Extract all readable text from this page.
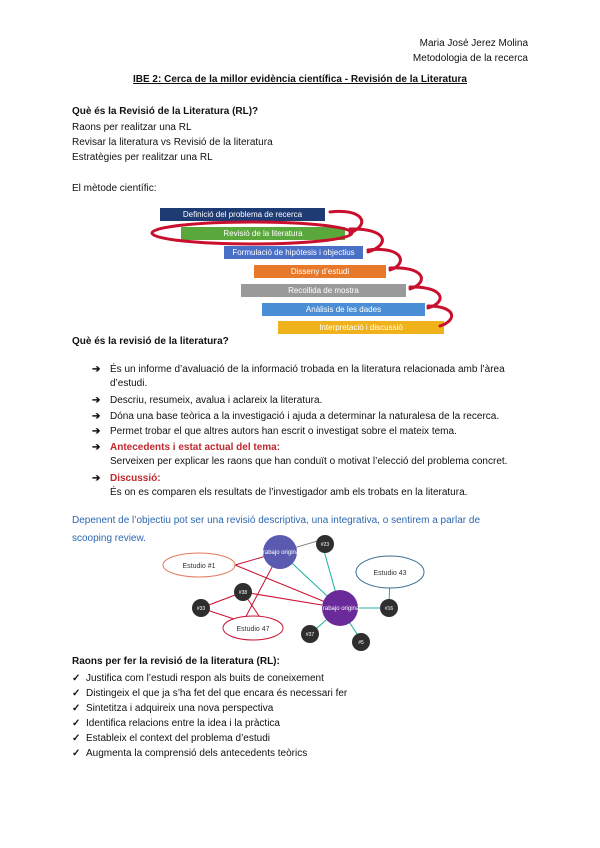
Maria José Jerez Molina
Metodologia de la recerca
IBE 2: Cerca de la millor evidència científica - Revisión de la Literatura
Què és la Revisió de la Literatura (RL)?
Raons per realitzar una RL
Revisar la literatura vs Revisió de la literatura
Estratègies per realitzar una RL
El mètode científic:
Definició del problema de recerca
Revisió de la literatura
Formulació de hipòtesis i objectius
Disseny d’estudi
Recollida de mostra
Anàlisis de les dades
Interpretació i discussió
Què és la revisió de la literatura?
➔ És un informe d’avaluació de la informació trobada en la literatura relacionada amb l’àrea
d’estudi.
➔ Descriu, resumeix, avalua i aclareix la literatura.
➔ Dóna una base teòrica a la investigació i ajuda a determinar la naturalesa de la recerca.
➔ Permet trobar el que altres autors han escrit o investigat sobre el mateix tema.
➔ Antecedents i estat actual del tema:
Serveixen per explicar les raons que han conduït o motivat l’elecció del problema concret.
➔ Discussió:
És on es comparen els resultats de l’investigador amb els trobats en la literatura.
Depenent de l’objectiu pot ser una revisió descriptiva, una integrativa, o sentirem a parlar de
scooping review.
Estudio #1
Estudio 43
Estudio 47
Trabajo original
Trabajo original
#23
#33
#38
#16
#37
#5
Raons per fer la revisió de la literatura (RL):
✓ Justifica com l’estudi respon als buits de coneixement
✓ Distingeix el que ja s’ha fet del que encara és necessari fer
✓ Sintetitza i adquireix una nova perspectiva
✓ Identifica relacions entre la idea i la pràctica
✓ Estableix el context del problema d’estudi
✓ Augmenta la comprensió dels antecedents teòrics
